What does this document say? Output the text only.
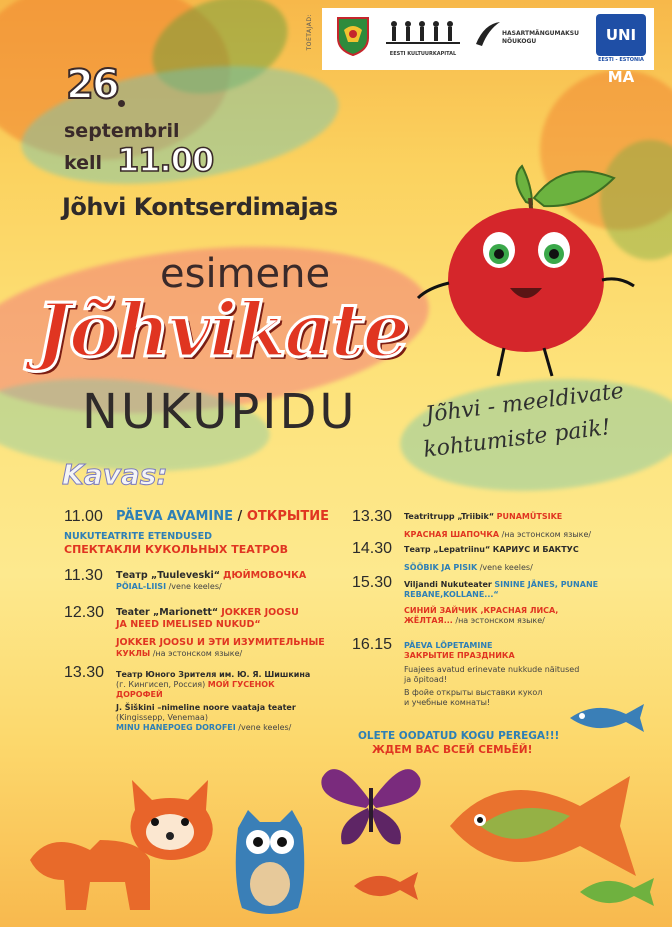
TOETAJAD:
EESTI KULTUURKAPITAL
HASARTMÄNGUMAKSU
NÕUKOGU	UNI MA
EESTI - ESTONIA
26
septembril
kell 11.00
Jõhvi Kontserdimajas
esimene
Jõhvikate
NUKUPIDU	Jõhvi - meeldivate
kohtumiste paik!
Kavas:
11.00 PÄEVA AVAMINE / ОТКРЫТИЕ
NUKUTEATRITE ETENDUSED
СПЕКТАКЛИ КУКОЛЬНЫХ ТЕАТРОВ
11.30 Театр „Tuuleveski“ ДЮЙМОВОЧКА
PÖIAL-LIISI /vene keeles/
12.30 Teater „Marionett“ JOKKER JOOSU
JA NEED IMELISED NUKUD“
JOKKER JOOSU И ЭТИ ИЗУМИТЕЛЬНЫЕ
КУКЛЫ /на эстонском языке/
13.30 Театр Юного Зрителя им. Ю. Я. Шишкина
(г. Кингисеп, Россия) МОЙ ГУСЕНОК
ДОРОФЕЙ
J. Šiškini –nimeline noore vaataja teater
(Kingissepp, Venemaa)
MINU HANEPOEG DOROFEI /vene keeles/
13.30 Teatritrupp „Triibik“ PUNAMÜTSIKE
КРАСНАЯ ШАПОЧКА /на эстонском языке/
14.30 Театр „Lepatriinu“ КАРИУС И БАКТУС
SÖÖBIK JA PISIK /vene keeles/
15.30 Viljandi Nukuteater SININE JÄNES, PUNANE
REBANE,KOLLANE...“
СИНИЙ ЗАЙЧИК ,КРАСНАЯ ЛИСА,
ЖЁЛТАЯ... /на эстонском языке/
16.15 PÄEVA LÕPETAMINE
ЗАКРЫТИЕ ПРАЗДНИКА
Fuajees avatud erinevate nukkude näitused
ja õpitoad!
В фойе открыты выставки кукол
и учебные комнаты!
OLETE OODATUD KOGU PEREGA!!!
ЖДЕМ ВАС ВСЕЙ СЕМЬЁЙ!
